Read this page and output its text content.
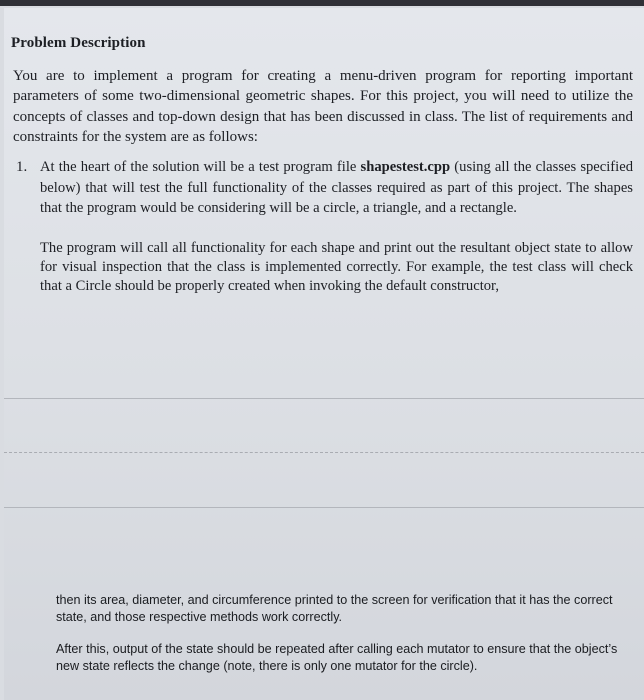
Problem Description

You are to implement a program for creating a menu-driven program for reporting important parameters of some two-dimensional geometric shapes. For this project, you will need to utilize the concepts of classes and top-down design that has been discussed in class. The list of requirements and constraints for the system are as follows:

1. At the heart of the solution will be a test program file shapestest.cpp (using all the classes specified below) that will test the full functionality of the classes required as part of this project. The shapes that the program would be considering will be a circle, a triangle, and a rectangle.

The program will call all functionality for each shape and print out the resultant object state to allow for visual inspection that the class is implemented correctly. For example, the test class will check that a Circle should be properly created when invoking the default constructor,

then its area, diameter, and circumference printed to the screen for verification that it has the correct state, and those respective methods work correctly.

After this, output of the state should be repeated after calling each mutator to ensure that the object’s new state reflects the change (note, there is only one mutator for the circle).
